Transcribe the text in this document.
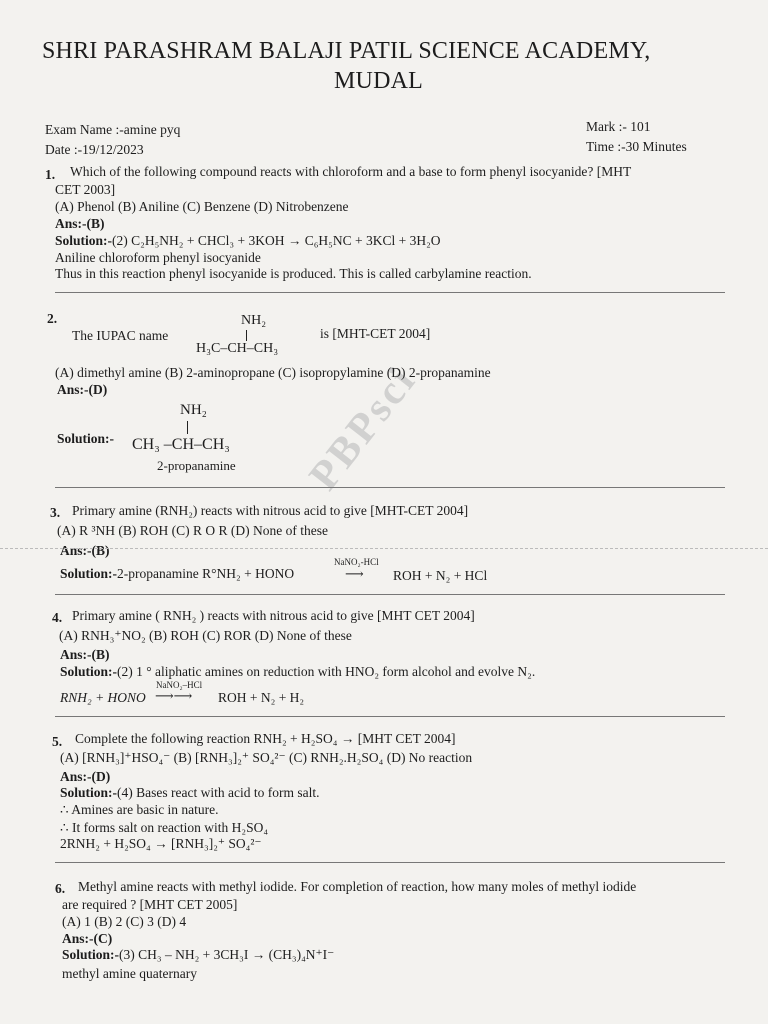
SHRI PARASHRAM BALAJI PATIL SCIENCE ACADEMY,
MUDAL
Exam Name :-amine pyq
Date :-19/12/2023
Mark :- 101
Time :-30 Minutes
PBPsci
1. Which of the following compound reacts with chloroform and a base to form phenyl isocyanide? [MHT
CET 2003]
(A) Phenol (B) Aniline (C) Benzene (D) Nitrobenzene
Ans:-(B)
Solution:-(2) C₂H₅NH₂ + CHCl₃ + 3KOH → C₆H₅NC + 3KCl + 3H₂O
Aniline chloroform phenyl isocyanide
Thus in this reaction phenyl isocyanide is produced. This is called carbylamine reaction.
2.
The IUPAC name
NH₂
H₃C–CH–CH₃
is [MHT-CET 2004]
(A) dimethyl amine (B) 2-aminopropane (C) isopropylamine (D) 2-propanamine
Ans:-(D)
Solution:-
NH₂
CH₃ –CH–CH₃
2-propanamine
3. Primary amine (RNH₂) reacts with nitrous acid to give [MHT-CET 2004]
(A) R ³NH (B) ROH (C) R O R (D) None of these
Ans:-(B)
Solution:-2-propanamine R°NH₂ + HONO
NaNO₂-HCl
⟶ ROH + N₂ + HCl
4. Primary amine ( RNH₂ ) reacts with nitrous acid to give [MHT CET 2004]
(A) RNH₃⁺NO₂ (B) ROH (C) ROR (D) None of these
Ans:-(B)
Solution:-(2) 1 ° aliphatic amines on reduction with HNO₂ form alcohol and evolve N₂.
RNH₂ + HONO
NaNO₂–HCl
⟶⟶ ROH + N₂ + H₂
5. Complete the following reaction RNH₂ + H₂SO₄ → [MHT CET 2004]
(A) [RNH₃]⁺HSO₄⁻ (B) [RNH₃]₂⁺ SO₄²⁻ (C) RNH₂.H₂SO₄ (D) No reaction
Ans:-(D)
Solution:-(4) Bases react with acid to form salt.
∴ Amines are basic in nature.
∴ It forms salt on reaction with H₂SO₄
2RNH₂ + H₂SO₄ → [RNH₃]₂⁺ SO₄²⁻
6. Methyl amine reacts with methyl iodide. For completion of reaction, how many moles of methyl iodide
are required ? [MHT CET 2005]
(A) 1 (B) 2 (C) 3 (D) 4
Ans:-(C)
Solution:-(3) CH₃ – NH₂ + 3CH₃I → (CH₃)₄N⁺I⁻
methyl amine quaternary
